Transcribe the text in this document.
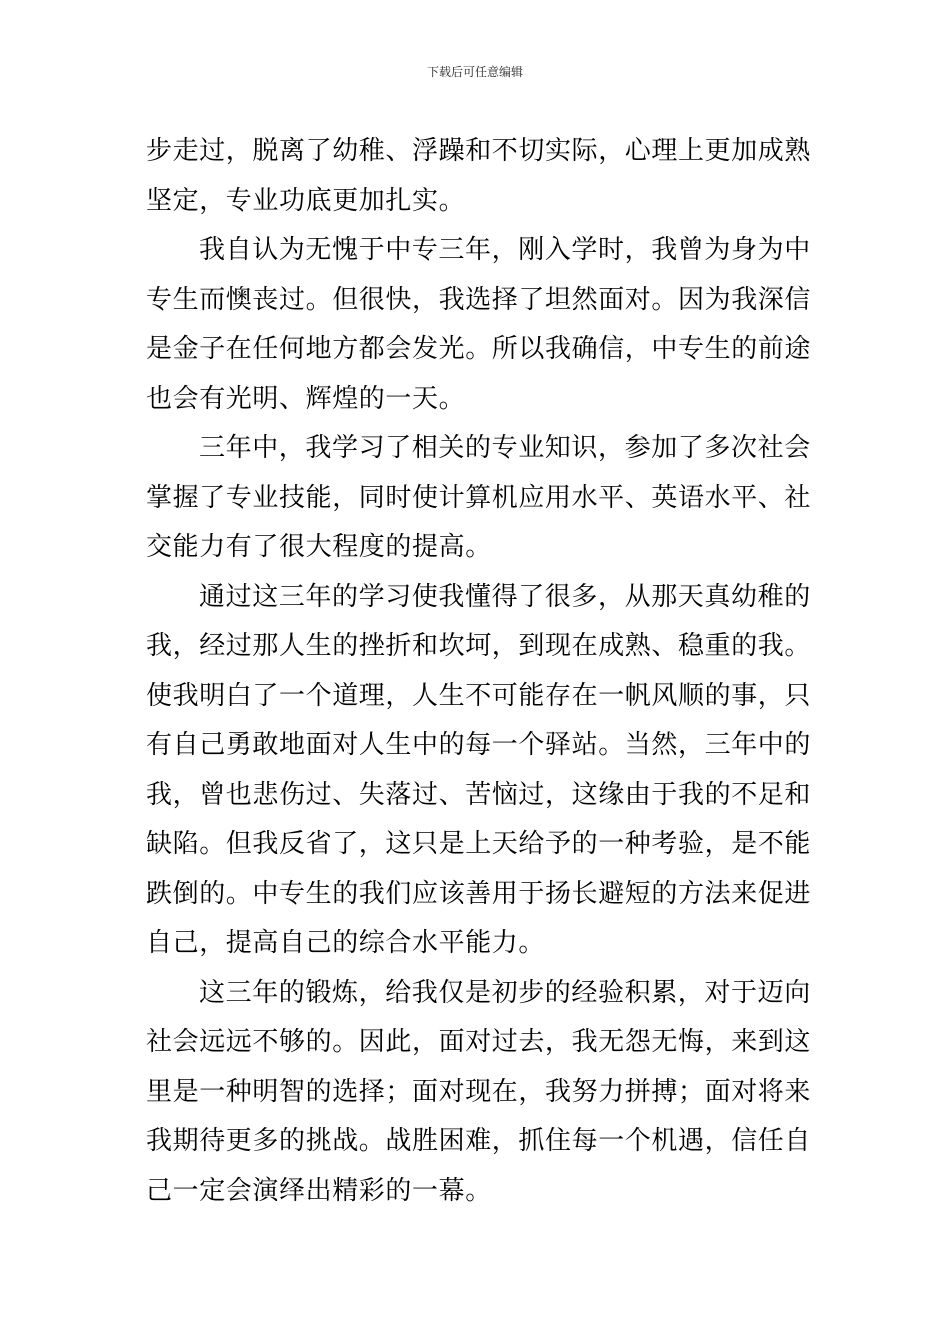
下载后可任意编辑
步走过，脱离了幼稚、浮躁和不切实际，心理上更加成熟
坚定，专业功底更加扎实。
我自认为无愧于中专三年，刚入学时，我曾为身为中
专生而懊丧过。但很快，我选择了坦然面对。因为我深信
是金子在任何地方都会发光。所以我确信，中专生的前途
也会有光明、辉煌的一天。
三年中，我学习了相关的专业知识，参加了多次社会
掌握了专业技能，同时使计算机应用水平、英语水平、社
交能力有了很大程度的提高。
通过这三年的学习使我懂得了很多，从那天真幼稚的
我，经过那人生的挫折和坎坷，到现在成熟、稳重的我。
使我明白了一个道理，人生不可能存在一帆风顺的事，只
有自己勇敢地面对人生中的每一个驿站。当然，三年中的
我，曾也悲伤过、失落过、苦恼过，这缘由于我的不足和
缺陷。但我反省了，这只是上天给予的一种考验，是不能
跌倒的。中专生的我们应该善用于扬长避短的方法来促进
自己，提高自己的综合水平能力。
这三年的锻炼，给我仅是初步的经验积累，对于迈向
社会远远不够的。因此，面对过去，我无怨无悔，来到这
里是一种明智的选择；面对现在，我努力拼搏；面对将来
我期待更多的挑战。战胜困难，抓住每一个机遇，信任自
己一定会演绎出精彩的一幕。
